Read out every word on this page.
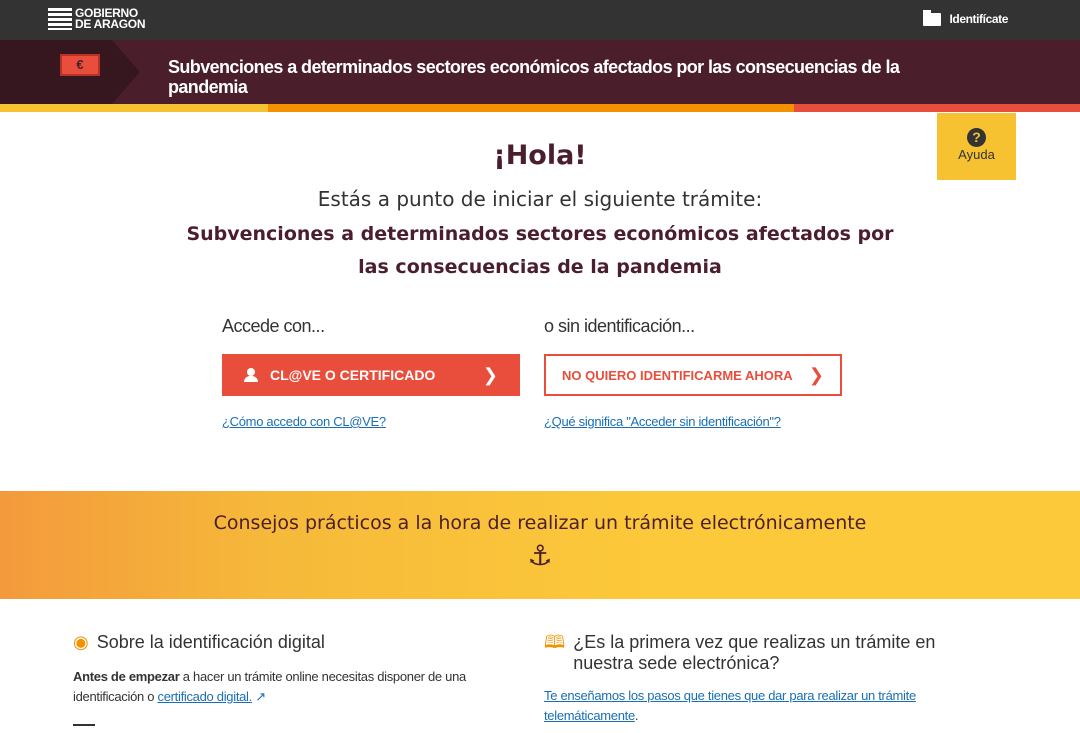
GOBIERNO
DE ARAGON	Identifícate
€	Subvenciones a determinados sectores económicos afectados por las consecuencias de la pandemia
?
Ayuda
¡Hola!
Estás a punto de iniciar el siguiente trámite:
Subvenciones a determinados sectores económicos afectados por las consecuencias de la pandemia
Accede con...
CL@VE O CERTIFICADO	❯
¿Cómo accedo con CL@VE?
o sin identificación...
NO QUIERO IDENTIFICARME AHORA ❯
¿Qué significa "Acceder sin identificación"?
Consejos prácticos a la hora de realizar un trámite electrónicamente
⚓︎
◉ Sobre la identificación digital

Antes de empezar a hacer un trámite online necesitas disponer de una identificación o certificado digital. ↗

🕮︎ ¿Es la primera vez que realizas un trámite en nuestra sede electrónica?

Te enseñamos los pasos que tienes que dar para realizar un trámite telemáticamente.
